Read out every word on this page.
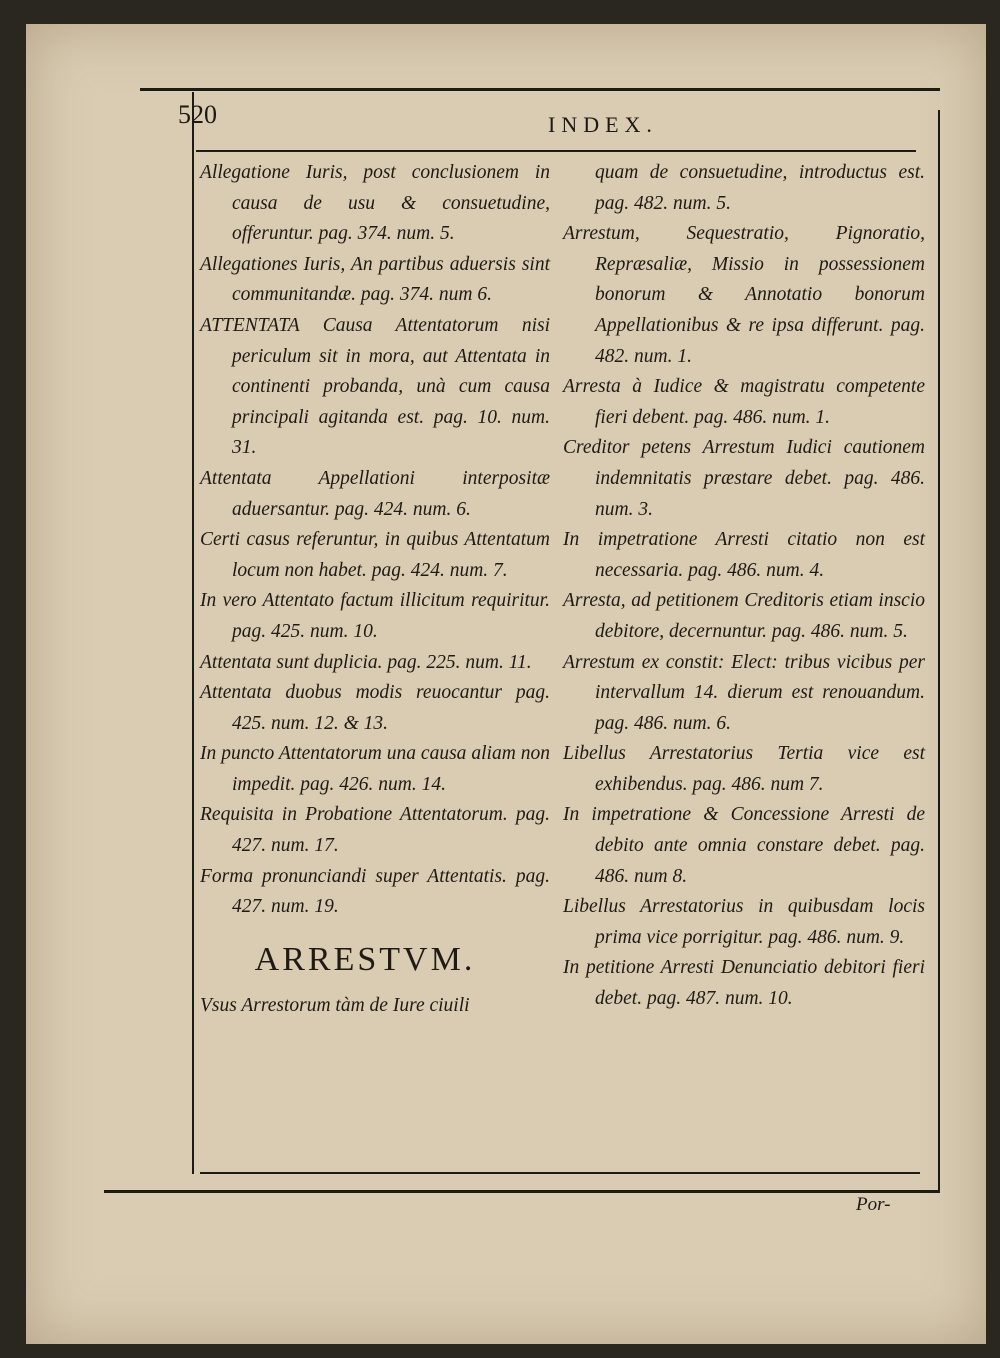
520	INDEX.

Allegatione Iuris, post conclusionem in causa de usu & consuetudine, offeruntur. pag. 374. num. 5.

Allegationes Iuris, An partibus aduersis sint communitandæ. pag. 374. num 6.

ATTENTATA Causa Attentatorum nisi periculum sit in mora, aut Attentata in continenti probanda, unà cum causa principali agitanda est. pag. 10. num. 31.

Attentata Appellationi interpositæ aduersantur. pag. 424. num. 6.

Certi casus referuntur, in quibus Attentatum locum non habet. pag. 424. num. 7.

In vero Attentato factum illicitum requiritur. pag. 425. num. 10.

Attentata sunt duplicia. pag. 225. num. 11.

Attentata duobus modis reuocantur pag. 425. num. 12. & 13.

In puncto Attentatorum una causa aliam non impedit. pag. 426. num. 14.

Requisita in Probatione Attentatorum. pag. 427. num. 17.

Forma pronunciandi super Attentatis. pag. 427. num. 19.

ARRESTVM.

Vsus Arrestorum tàm de Iure ciuili

quam de consuetudine, introductus est. pag. 482. num. 5.

Arrestum, Sequestratio, Pignoratio, Repræsaliæ, Missio in possessionem bonorum & Annotatio bonorum Appellationibus & re ipsa differunt. pag. 482. num. 1.

Arresta à Iudice & magistratu competente fieri debent. pag. 486. num. 1.

Creditor petens Arrestum Iudici cautionem indemnitatis præstare debet. pag. 486. num. 3.

In impetratione Arresti citatio non est necessaria. pag. 486. num. 4.

Arresta, ad petitionem Creditoris etiam inscio debitore, decernuntur. pag. 486. num. 5.

Arrestum ex constit: Elect: tribus vicibus per intervallum 14. dierum est renouandum. pag. 486. num. 6.

Libellus Arrestatorius Tertia vice est exhibendus. pag. 486. num 7.

In impetratione & Concessione Arresti de debito ante omnia constare debet. pag. 486. num 8.

Libellus Arrestatorius in quibusdam locis prima vice porrigitur. pag. 486. num. 9.

In petitione Arresti Denunciatio debitori fieri debet. pag. 487. num. 10.

Por-
